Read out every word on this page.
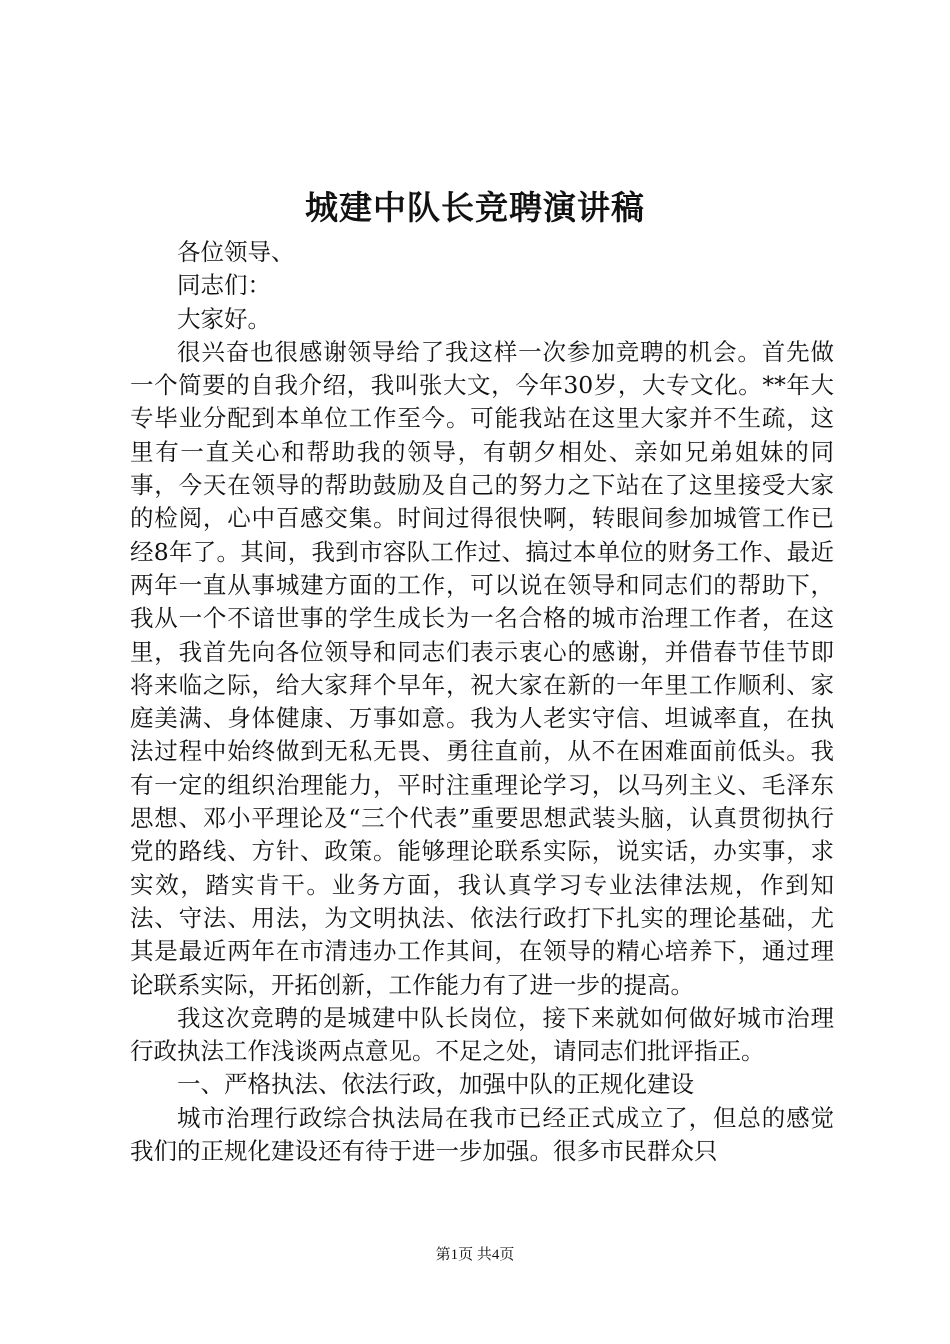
城建中队长竞聘演讲稿

各位领导、

同志们：

大家好。

很兴奋也很感谢领导给了我这样一次参加竞聘的机会。首先做一个简要的自我介绍，我叫张大文，今年30岁，大专文化。**年大专毕业分配到本单位工作至今。可能我站在这里大家并不生疏，这里有一直关心和帮助我的领导，有朝夕相处、亲如兄弟姐妹的同事，今天在领导的帮助鼓励及自己的努力之下站在了这里接受大家的检阅，心中百感交集。时间过得很快啊，转眼间参加城管工作已经8年了。其间，我到市容队工作过、搞过本单位的财务工作、最近两年一直从事城建方面的工作，可以说在领导和同志们的帮助下，我从一个不谙世事的学生成长为一名合格的城市治理工作者，在这里，我首先向各位领导和同志们表示衷心的感谢，并借春节佳节即将来临之际，给大家拜个早年，祝大家在新的一年里工作顺利、家庭美满、身体健康、万事如意。我为人老实守信、坦诚率直，在执法过程中始终做到无私无畏、勇往直前，从不在困难面前低头。我有一定的组织治理能力，平时注重理论学习，以马列主义、毛泽东思想、邓小平理论及“三个代表”重要思想武装头脑，认真贯彻执行党的路线、方针、政策。能够理论联系实际，说实话，办实事，求实效，踏实肯干。业务方面，我认真学习专业法律法规，作到知法、守法、用法，为文明执法、依法行政打下扎实的理论基础，尤其是最近两年在市清违办工作其间，在领导的精心培养下，通过理论联系实际，开拓创新，工作能力有了进一步的提高。

我这次竞聘的是城建中队长岗位，接下来就如何做好城市治理行政执法工作浅谈两点意见。不足之处，请同志们批评指正。

一、严格执法、依法行政，加强中队的正规化建设

城市治理行政综合执法局在我市已经正式成立了，但总的感觉我们的正规化建设还有待于进一步加强。很多市民群众只

第1页 共4页
